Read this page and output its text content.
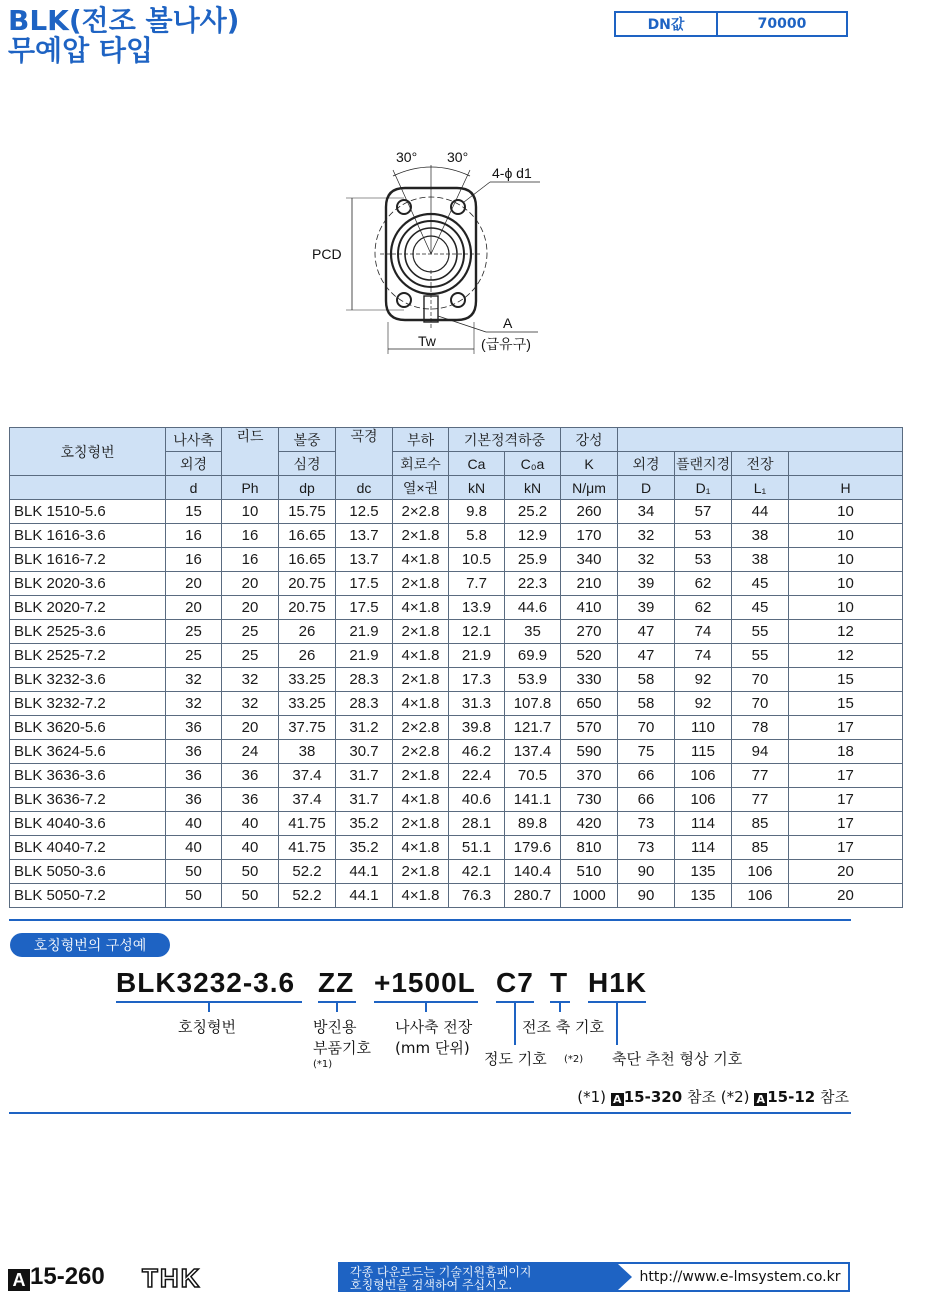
BLK(전조 볼나사)
무예압 타입
DN값	70000
30° 30°
4-ϕ d1
PCD
A
(급유구)
Tw
호칭형번	나사축	리드	볼중	곡경	부하	기본정격하중		강성				
	외경		심경		회로수	Ca	C₀a	K	외경	플랜지경	전장	
	d	Ph	dp	dc	열×권	kN	kN	N/μm	D	D₁	L₁	H
BLK 1510-5.6	15	10	15.75	12.5	2×2.8	9.8	25.2	260	34	57	44	10
BLK 1616-3.6	16	16	16.65	13.7	2×1.8	5.8	12.9	170	32	53	38	10
BLK 1616-7.2	16	16	16.65	13.7	4×1.8	10.5	25.9	340	32	53	38	10
BLK 2020-3.6	20	20	20.75	17.5	2×1.8	7.7	22.3	210	39	62	45	10
BLK 2020-7.2	20	20	20.75	17.5	4×1.8	13.9	44.6	410	39	62	45	10
BLK 2525-3.6	25	25	26	21.9	2×1.8	12.1	35	270	47	74	55	12
BLK 2525-7.2	25	25	26	21.9	4×1.8	21.9	69.9	520	47	74	55	12
BLK 3232-3.6	32	32	33.25	28.3	2×1.8	17.3	53.9	330	58	92	70	15
BLK 3232-7.2	32	32	33.25	28.3	4×1.8	31.3	107.8	650	58	92	70	15
BLK 3620-5.6	36	20	37.75	31.2	2×2.8	39.8	121.7	570	70	110	78	17
BLK 3624-5.6	36	24	38	30.7	2×2.8	46.2	137.4	590	75	115	94	18
BLK 3636-3.6	36	36	37.4	31.7	2×1.8	22.4	70.5	370	66	106	77	17
BLK 3636-7.2	36	36	37.4	31.7	4×1.8	40.6	141.1	730	66	106	77	17
BLK 4040-3.6	40	40	41.75	35.2	2×1.8	28.1	89.8	420	73	114	85	17
BLK 4040-7.2	40	40	41.75	35.2	4×1.8	51.1	179.6	810	73	114	85	17
BLK 5050-3.6	50	50	52.2	44.1	2×1.8	42.1	140.4	510	90	135	106	20
BLK 5050-7.2	50	50	52.2	44.1	4×1.8	76.3	280.7	1000	90	135	106	20
호칭형번의 구성예
BLK3232-3.6 ZZ +1500L C7 T H1K
호칭형번	방진용
부품기호
(*1)
나사축 전장
(mm 단위)
전조 축 기호
정도 기호 (*2) 축단 추천 형상 기호
(*1) A 15-320 참조 (*2) A 15-12 참조
A 15-260 THK	각종 다운로드는 기술지원홈페이지
호칭형번을 검색하여 주십시오.	http://www.e-lmsystem.co.kr
